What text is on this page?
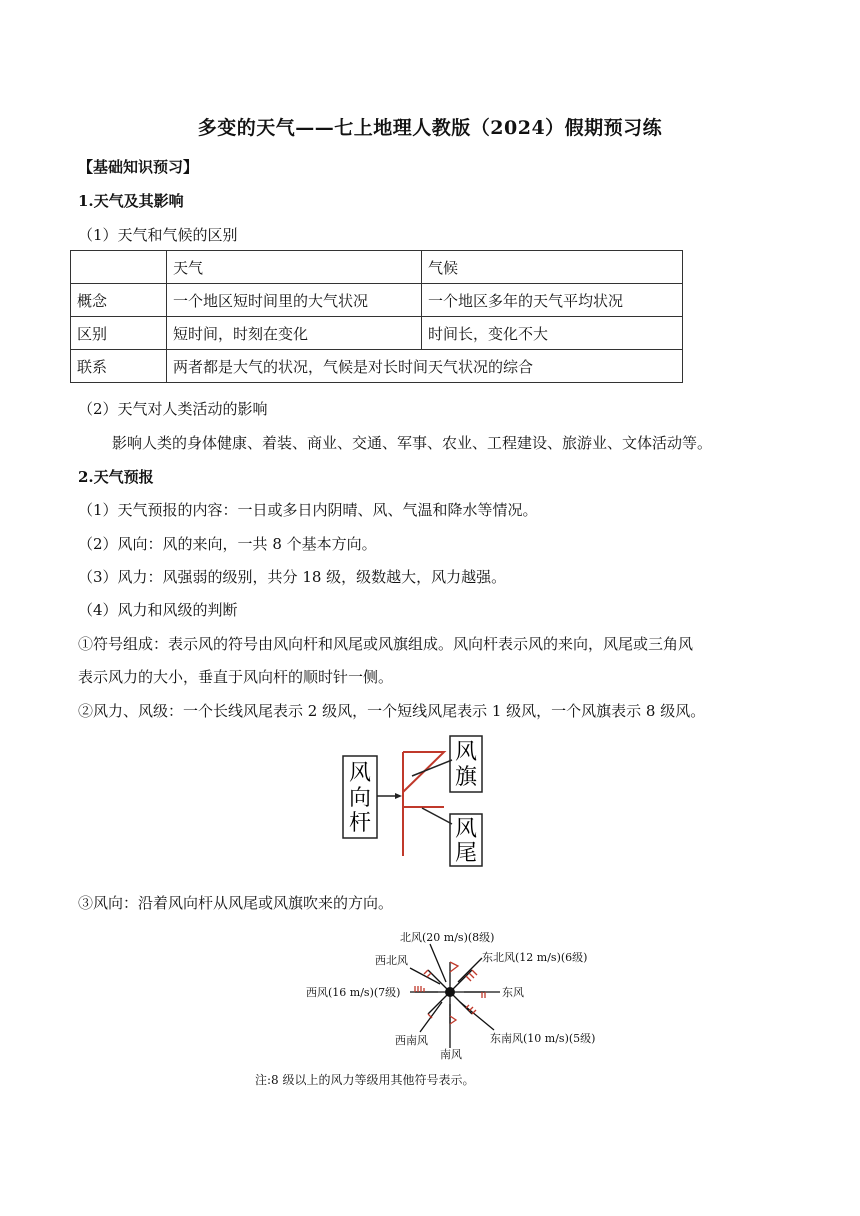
多变的天气——七上地理人教版（2024）假期预习练
【基础知识预习】
1.天气及其影响
（1）天气和气候的区别
	天气	气候
概念	一个地区短时间里的大气状况	一个地区多年的天气平均状况
区别	短时间，时刻在变化	时间长，变化不大
联系	两者都是大气的状况，气候是对长时间天气状况的综合	
（2）天气对人类活动的影响
影响人类的身体健康、着装、商业、交通、军事、农业、工程建设、旅游业、文体活动等。
2.天气预报
（1）天气预报的内容：一日或多日内阴晴、风、气温和降水等情况。
（2）风向：风的来向，一共 8 个基本方向。
（3）风力：风强弱的级别，共分 18 级，级数越大，风力越强。
（4）风力和风级的判断
①符号组成：表示风的符号由风向杆和风尾或风旗组成。风向杆表示风的来向，风尾或三角风
表示风力的大小，垂直于风向杆的顺时针一侧。
②风力、风级：一个长线风尾表示 2 级风，一个短线风尾表示 1 级风，一个风旗表示 8 级风。
风
向
杆
风
旗
风
尾
③风向：沿着风向杆从风尾或风旗吹来的方向。
北风(20 m/s)(8级)
西北风	东北风(12 m/s)(6级)
西风(16 m/s)(7级)	东风
西南风
南风
东南风(10 m/s)(5级)
注:8 级以上的风力等级用其他符号表示。
